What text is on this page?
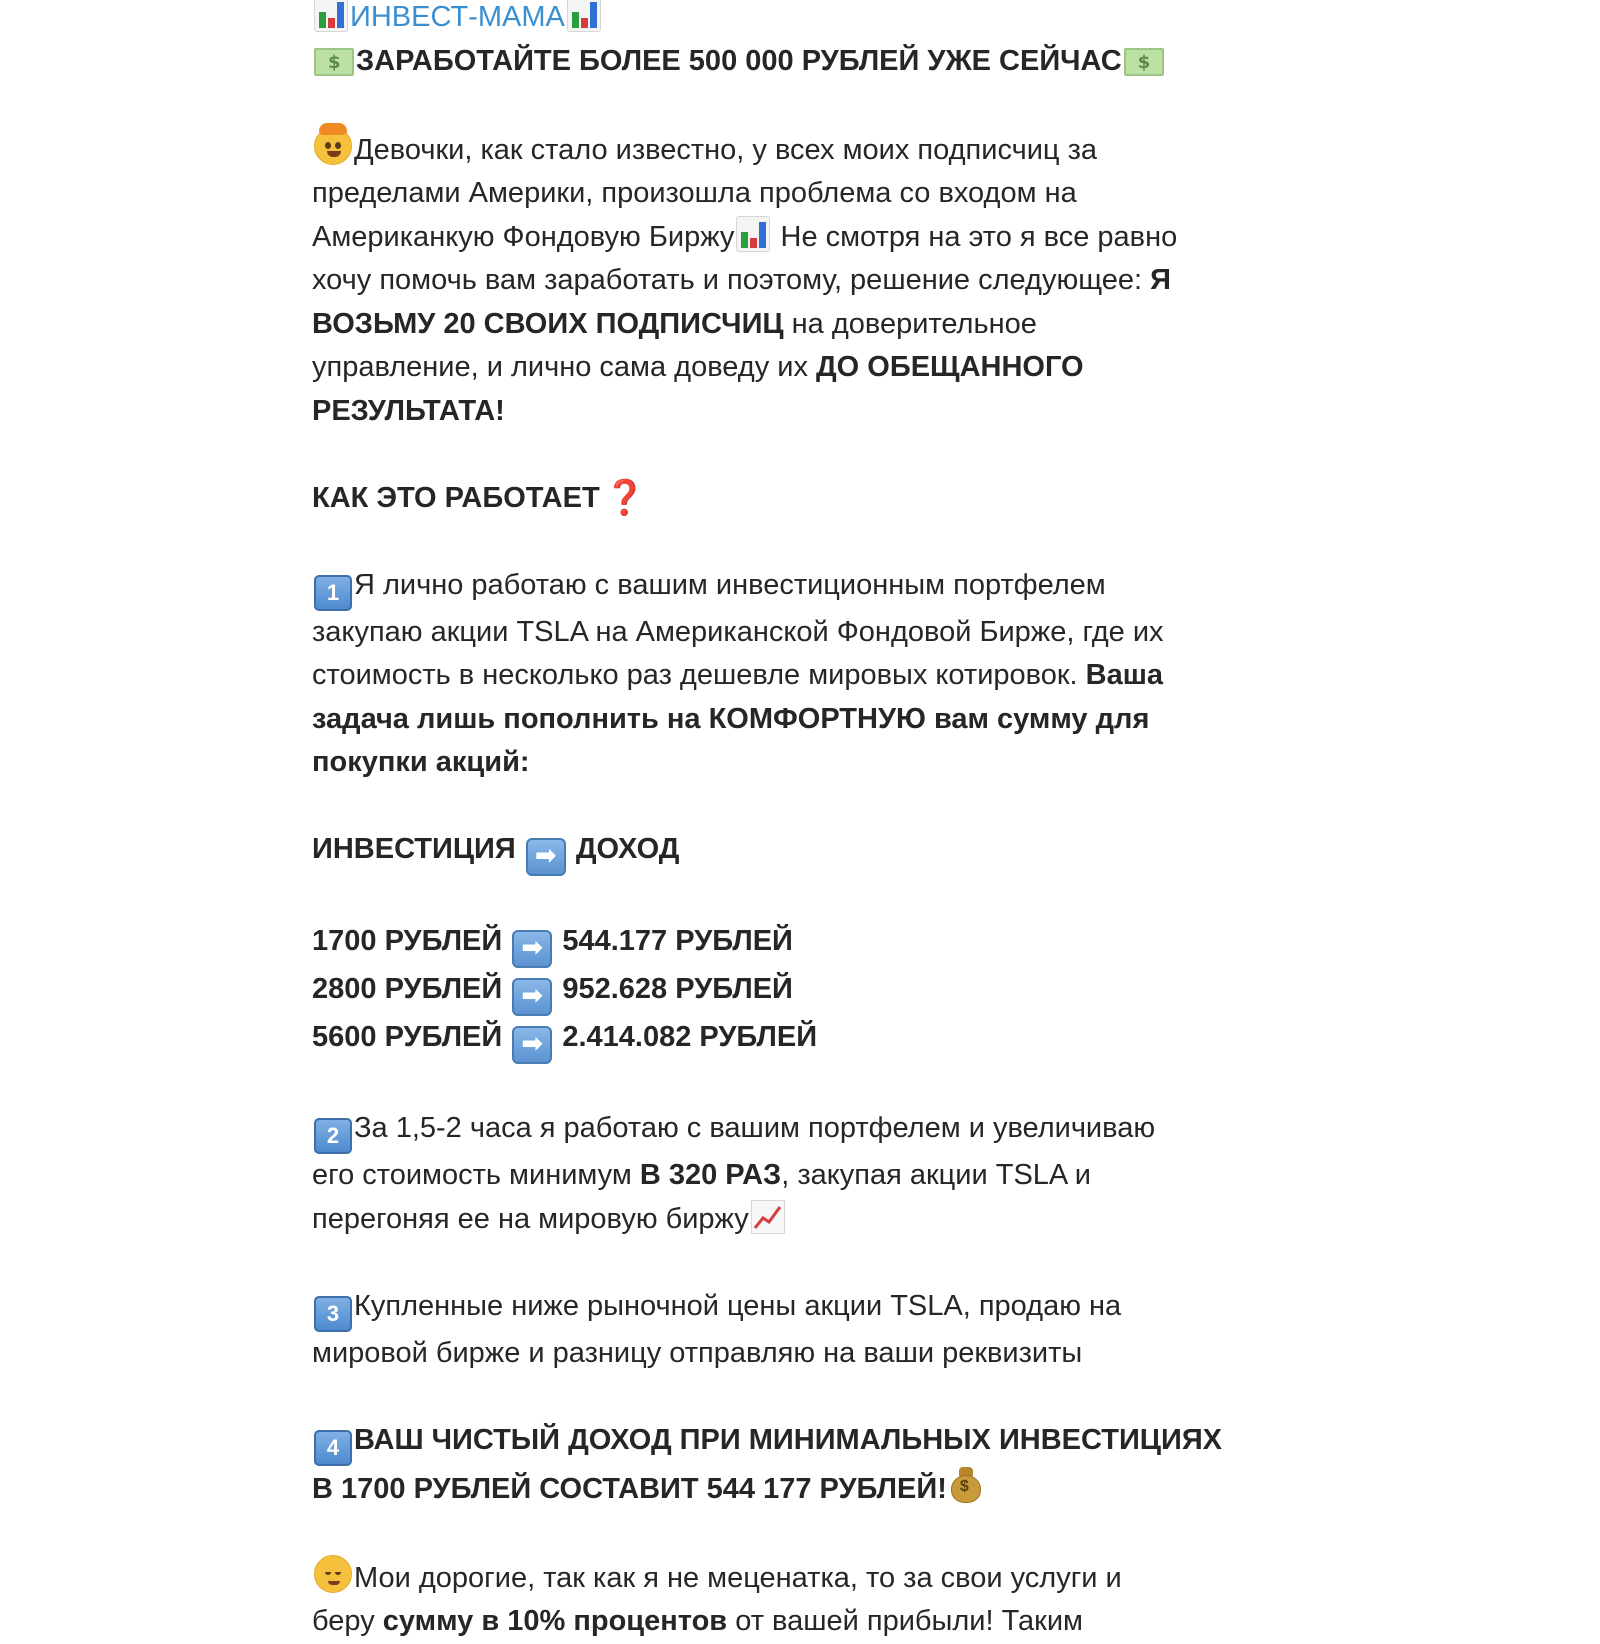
ИНВЕСТ-МАМА
$ЗАРАБОТАЙТЕ БОЛЕЕ 500 000 РУБЛЕЙ УЖЕ СЕЙЧАС$
Девочки, как стало известно, у всех моих подписчиц за
пределами Америки, произошла проблема со входом на
Американкую Фондовую Биржу
Не смотря на это я все равно
хочу помочь вам заработать и поэтому, решение следующее: Я
ВОЗЬМУ 20 СВОИХ ПОДПИСЧИЦ на доверительное
управление, и лично сама доведу их ДО ОБЕЩАННОГО
РЕЗУЛЬТАТА!
КАК ЭТО РАБОТАЕТ ❓
1 Я лично работаю с вашим инвестиционным портфелем
закупаю акции TSLA на Американской Фондовой Бирже, где их
стоимость в несколько раз дешевле мировых котировок. Ваша
задача лишь пополнить на КОМФОРТНУЮ вам сумму для
покупки акций:
ИНВЕСТИЦИЯ ➡ ДОХОД
1700 РУБЛЕЙ ➡ 544.177 РУБЛЕЙ
2800 РУБЛЕЙ ➡ 952.628 РУБЛЕЙ
5600 РУБЛЕЙ ➡ 2.414.082 РУБЛЕЙ
2 За 1,5-2 часа я работаю с вашим портфелем и увеличиваю
его стоимость минимум В 320 РАЗ, закупая акции TSLA и
перегоняя ее на мировую биржу
3 Купленные ниже рыночной цены акции TSLA, продаю на
мировой бирже и разницу отправляю на ваши реквизиты
4 ВАШ ЧИСТЫЙ ДОХОД ПРИ МИНИМАЛЬНЫХ ИНВЕСТИЦИЯХ
В 1700 РУБЛЕЙ СОСТАВИТ 544 177 РУБЛЕЙ! $
Мои дорогие, так как я не меценатка, то за свои услуги и
беру сумму в 10% процентов от вашей прибыли! Таким
